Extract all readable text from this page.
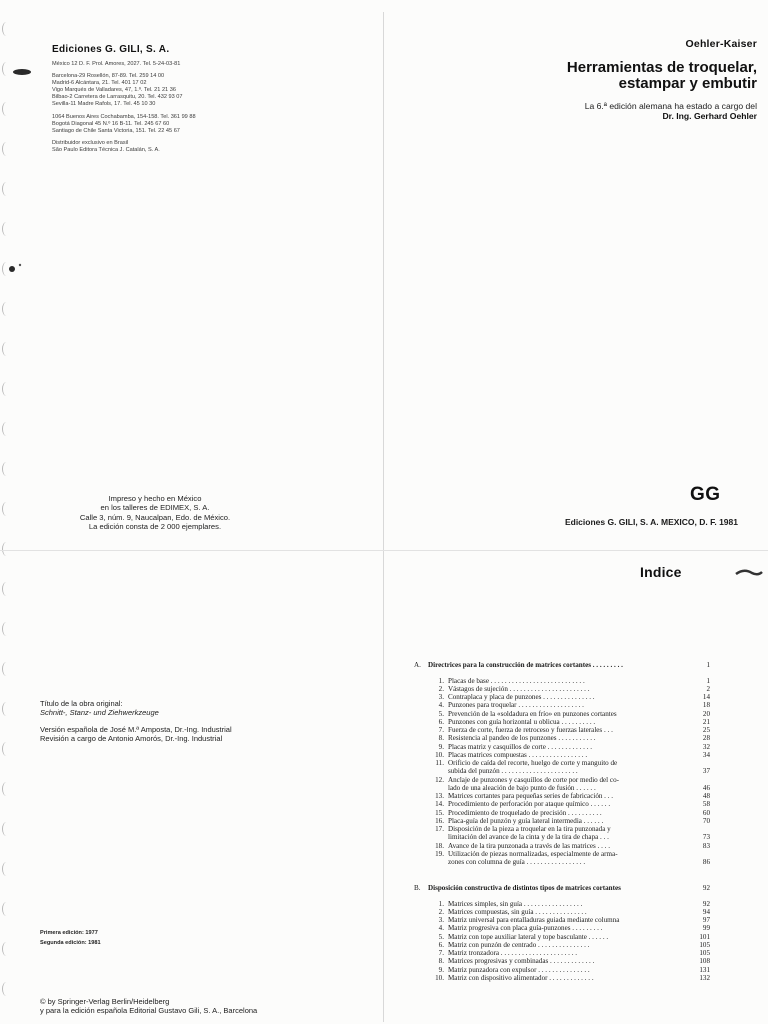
Ediciones G. GILI, S. A.
México 12 D. F. Prol. Amores, 2027. Tel. 5-24-03-81
Barcelona-29 Rosellón, 87-89. Tel. 259 14 00
Madrid-6 Alcántara, 21. Tel. 401 17 02
Vigo Marqués de Valladares, 47, 1.º. Tel. 21 21 36
Bilbao-2 Carretera de Larrasquitu, 20. Tel. 432 93 07
Sevilla-11 Madre Rafols, 17. Tel. 45 10 30
1064 Buenos Aires Cochabamba, 154-158. Tel. 361 99 88
Bogotá Diagonal 45 N.º 16 B-11. Tel. 245 67 60
Santiago de Chile Santa Victoria, 151. Tel. 22 45 67
Distribuidor exclusivo en Brasil
São Paulo Editora Técnica J. Catalán, S. A.
Impreso y hecho en México
en los talleres de EDIMEX, S. A.
Calle 3, núm. 9, Naucalpan, Edo. de México.
La edición consta de 2 000 ejemplares.
Oehler-Kaiser
Herramientas de troquelar,
estampar y embutir
La 6.ª edición alemana ha estado a cargo del
Dr. Ing. Gerhard Oehler
GG
Ediciones G. GILI, S. A. MEXICO, D. F. 1981
Título de la obra original:
Schnitt-, Stanz- und Ziehwerkzeuge
Versión española de José M.ª Amposta, Dr.-Ing. Industrial
Revisión a cargo de Antonio Amorós, Dr.-Ing. Industrial
Primera edición: 1977
Segunda edición: 1981
© by Springer-Verlag Berlin/Heidelberg
y para la edición española Editorial Gustavo Gili, S. A., Barcelona
Indice
A. Directrices para la construcción de matrices cortantes . . . . . . . . .	1
1. Placas de base . . . . . . . . . . . . . . . . . . . . . . . . . . .	1
2. Vástagos de sujeción . . . . . . . . . . . . . . . . . . . . . . .	2
3. Contraplaca y placa de punzones . . . . . . . . . . . . . . .	14
4. Punzones para troquelar . . . . . . . . . . . . . . . . . . .	18
5. Prevención de la «soldadura en frío» en punzones cortantes	20
6. Punzones con guía horizontal u oblicua . . . . . . . . . .	21
7. Fuerza de corte, fuerza de retroceso y fuerzas laterales . . .	25
8. Resistencia al pandeo de los punzones . . . . . . . . . . .	28
9. Placas matriz y casquillos de corte . . . . . . . . . . . . .	32
10. Placas matrices compuestas . . . . . . . . . . . . . . . . .	34
11. Orificio de caída del recorte, huelgo de corte y manguito de
subida del punzón . . . . . . . . . . . . . . . . . . . . . .	37
12. Anclaje de punzones y casquillos de corte por medio del co-
lado de una aleación de bajo punto de fusión . . . . . .	46
13. Matrices cortantes para pequeñas series de fabricación . . .	48
14. Procedimiento de perforación por ataque químico . . . . . .	58
15. Procedimiento de troquelado de precisión . . . . . . . . . .	60
16. Placa-guía del punzón y guía lateral intermedia . . . . . .	70
17. Disposición de la pieza a troquelar en la tira punzonada y
limitación del avance de la cinta y de la tira de chapa . . .	73
18. Avance de la tira punzonada a través de las matrices . . . .	83
19. Utilización de piezas normalizadas, especialmente de arma-
zones con columna de guía . . . . . . . . . . . . . . . . .	86
B.	Disposición constructiva de distintos tipos de matrices cortantes	92
1. Matrices simples, sin guía . . . . . . . . . . . . . . . . .	92
2. Matrices compuestas, sin guía . . . . . . . . . . . . . . .	94
3. Matriz universal para entalladuras guiada mediante columna	97
4. Matriz progresiva con placa guía-punzones . . . . . . . . .	99
5. Matriz con tope auxiliar lateral y tope basculante . . . . . .	101
6. Matriz con punzón de centrado . . . . . . . . . . . . . . .	105
7. Matriz tronzadora . . . . . . . . . . . . . . . . . . . . . .	105
8. Matrices progresivas y combinadas . . . . . . . . . . . . .	108
9. Matriz punzadora con expulsor . . . . . . . . . . . . . . .	131
10. Matriz con dispositivo alimentador . . . . . . . . . . . . .	132
